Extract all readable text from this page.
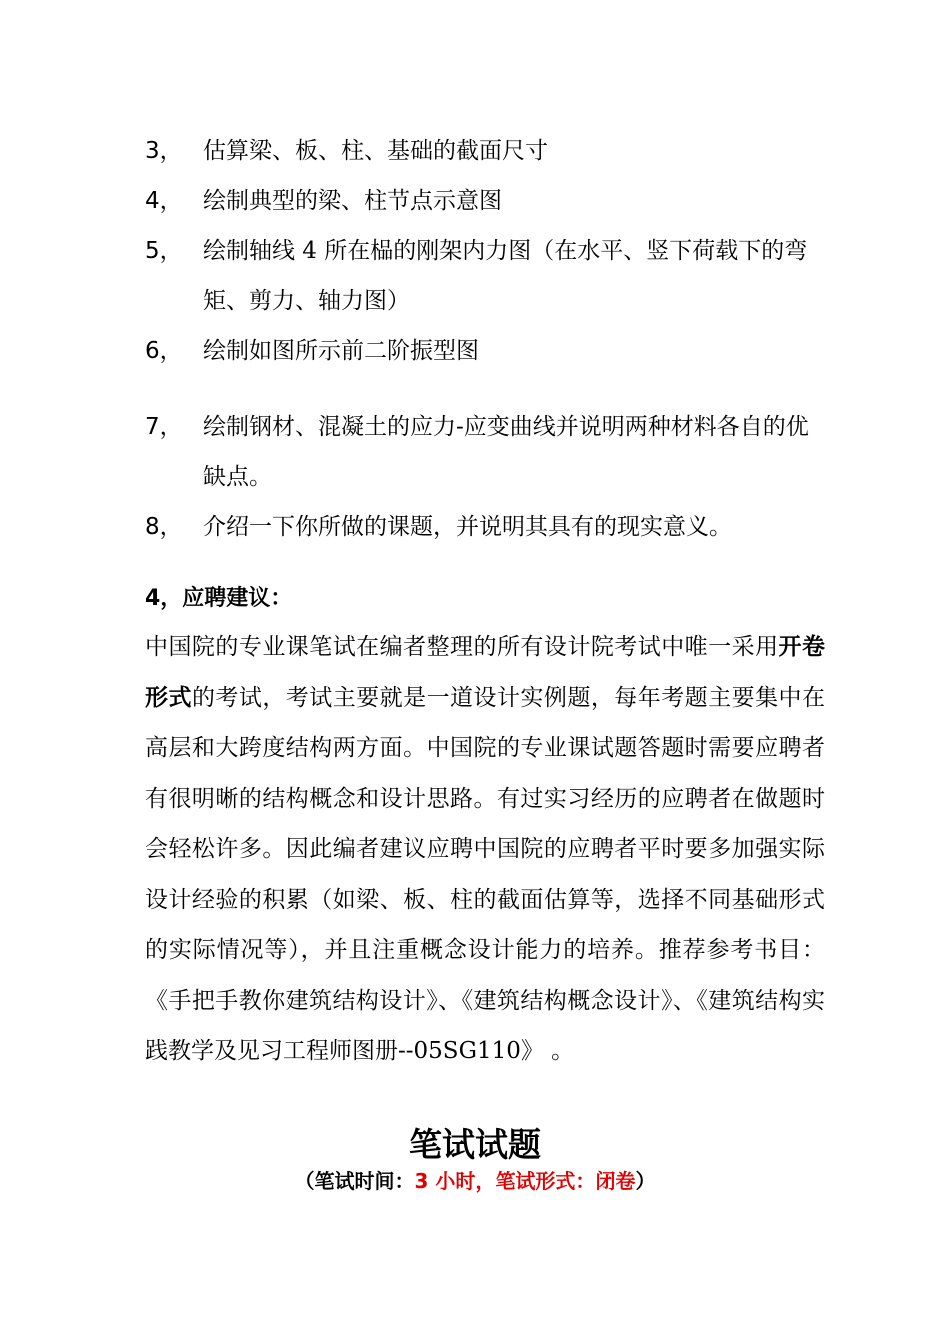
3， 估算梁、板、柱、基础的截面尺寸
4， 绘制典型的梁、柱节点示意图
5， 绘制轴线 4 所在榀的刚架内力图（在水平、竖下荷载下的弯矩、剪力、轴力图）
6， 绘制如图所示前二阶振型图
7， 绘制钢材、混凝土的应力-应变曲线并说明两种材料各自的优缺点。
8， 介绍一下你所做的课题，并说明其具有的现实意义。
4，应聘建议：
中国院的专业课笔试在编者整理的所有设计院考试中唯一采用开卷形式的考试，考试主要就是一道设计实例题，每年考题主要集中在高层和大跨度结构两方面。中国院的专业课试题答题时需要应聘者有很明晰的结构概念和设计思路。有过实习经历的应聘者在做题时会轻松许多。因此编者建议应聘中国院的应聘者平时要多加强实际设计经验的积累（如梁、板、柱的截面估算等，选择不同基础形式的实际情况等），并且注重概念设计能力的培养。推荐参考书目：《手把手教你建筑结构设计》、《建筑结构概念设计》、《建筑结构实践教学及见习工程师图册--05SG110》 。
笔试试题
（笔试时间：3 小时，笔试形式：闭卷）
